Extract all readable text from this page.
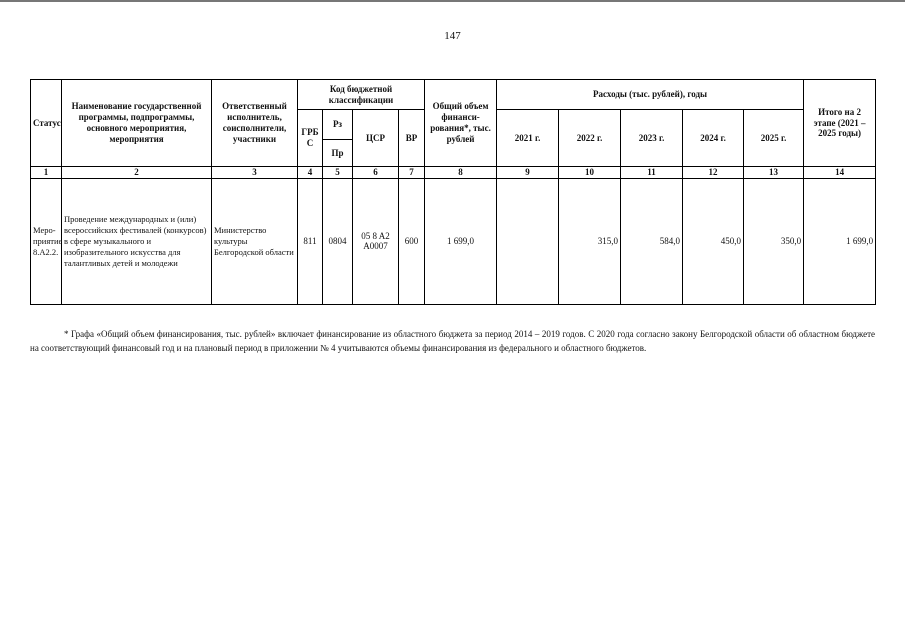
147
Статус	Наименование государственной программы, подпрограммы, основного мероприятия, мероприятия	Ответственный исполнитель, соисполнители, участники	Код бюджетной классификации				Общий объем финанси-рования*, тыс. рублей	Расходы (тыс. рублей), годы					Итого на 2 этапе (2021 – 2025 годы)
			ГРБ С	Рз	ЦСР	ВР		2021 г.	2022 г.	2023 г.	2024 г.	2025 г.	
				Пр									
1	2	3	4	5	6	7	8	9	10	11	12	13	14
Меро-приятие 8.А2.2.	Проведение международных и (или) всероссийских фестивалей (конкурсов) в сфере музыкального и изобразительного искусства для талантливых детей и молодежи	Министерство культуры Белгородской области	811	0804	05 8 A2 A0007	600	1 699,0		315,0	584,0	450,0	350,0	1 699,0
* Графа «Общий объем финансирования, тыс. рублей» включает финансирование из областного бюджета за период 2014 – 2019 годов. С 2020 года согласно закону Белгородской области об областном бюджете на соответствующий финансовый год и на плановый период в приложении № 4 учитываются объемы финансирования из федерального и областного бюджетов.
